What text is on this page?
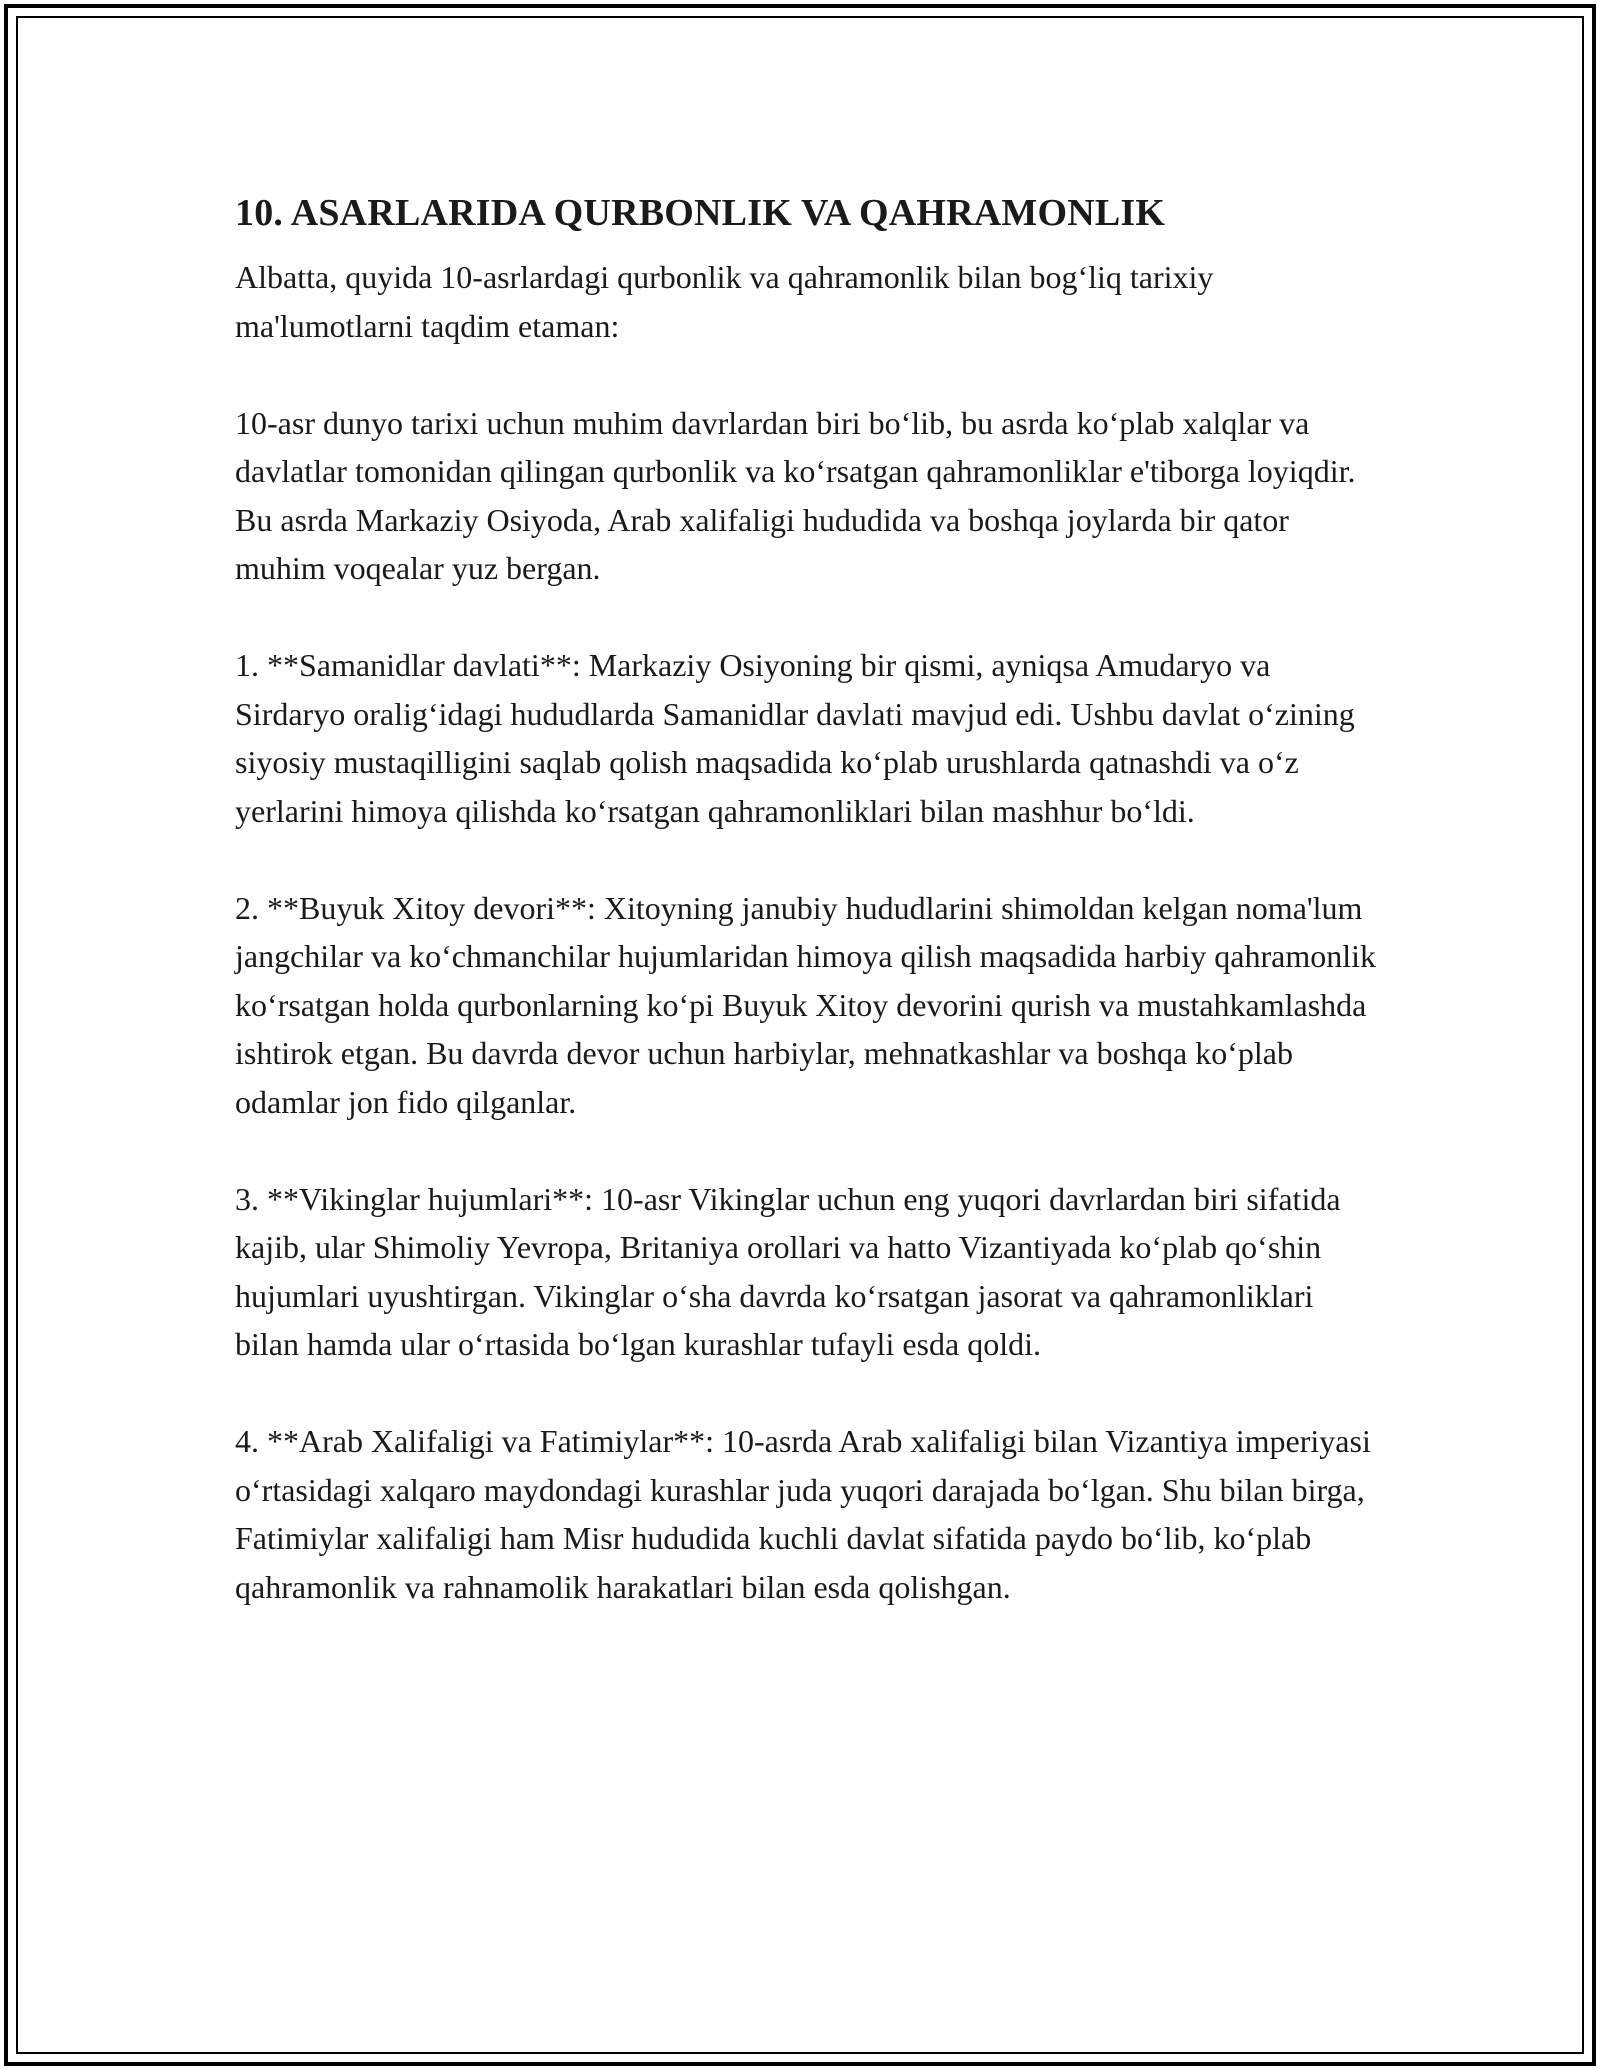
10. ASARLARIDA QURBONLIK VA QAHRAMONLIK

Albatta, quyida 10-asrlardagi qurbonlik va qahramonlik bilan bog‘liq tarixiy ma'lumotlarni taqdim etaman:

10-asr dunyo tarixi uchun muhim davrlardan biri bo‘lib, bu asrda ko‘plab xalqlar va davlatlar tomonidan qilingan qurbonlik va ko‘rsatgan qahramonliklar e'tiborga loyiqdir. Bu asrda Markaziy Osiyoda, Arab xalifaligi hududida va boshqa joylarda bir qator muhim voqealar yuz bergan.

1. **Samanidlar davlati**: Markaziy Osiyoning bir qismi, ayniqsa Amudaryo va Sirdaryo oralig‘idagi hududlarda Samanidlar davlati mavjud edi. Ushbu davlat o‘zining siyosiy mustaqilligini saqlab qolish maqsadida ko‘plab urushlarda qatnashdi va o‘z yerlarini himoya qilishda ko‘rsatgan qahramonliklari bilan mashhur bo‘ldi.

2. **Buyuk Xitoy devori**: Xitoyning janubiy hududlarini shimoldan kelgan noma'lum jangchilar va ko‘chmanchilar hujumlaridan himoya qilish maqsadida harbiy qahramonlik ko‘rsatgan holda qurbonlarning ko‘pi Buyuk Xitoy devorini qurish va mustahkamlashda ishtirok etgan. Bu davrda devor uchun harbiylar, mehnatkashlar va boshqa ko‘plab odamlar jon fido qilganlar.

3. **Vikinglar hujumlari**: 10-asr Vikinglar uchun eng yuqori davrlardan biri sifatida kajib, ular Shimoliy Yevropa, Britaniya orollari va hatto Vizantiyada ko‘plab qo‘shin hujumlari uyushtirgan. Vikinglar o‘sha davrda ko‘rsatgan jasorat va qahramonliklari bilan hamda ular o‘rtasida bo‘lgan kurashlar tufayli esda qoldi.

4. **Arab Xalifaligi va Fatimiylar**: 10-asrda Arab xalifaligi bilan Vizantiya imperiyasi o‘rtasidagi xalqaro maydondagi kurashlar juda yuqori darajada bo‘lgan. Shu bilan birga, Fatimiylar xalifaligi ham Misr hududida kuchli davlat sifatida paydo bo‘lib, ko‘plab qahramonlik va rahnamolik harakatlari bilan esda qolishgan.
